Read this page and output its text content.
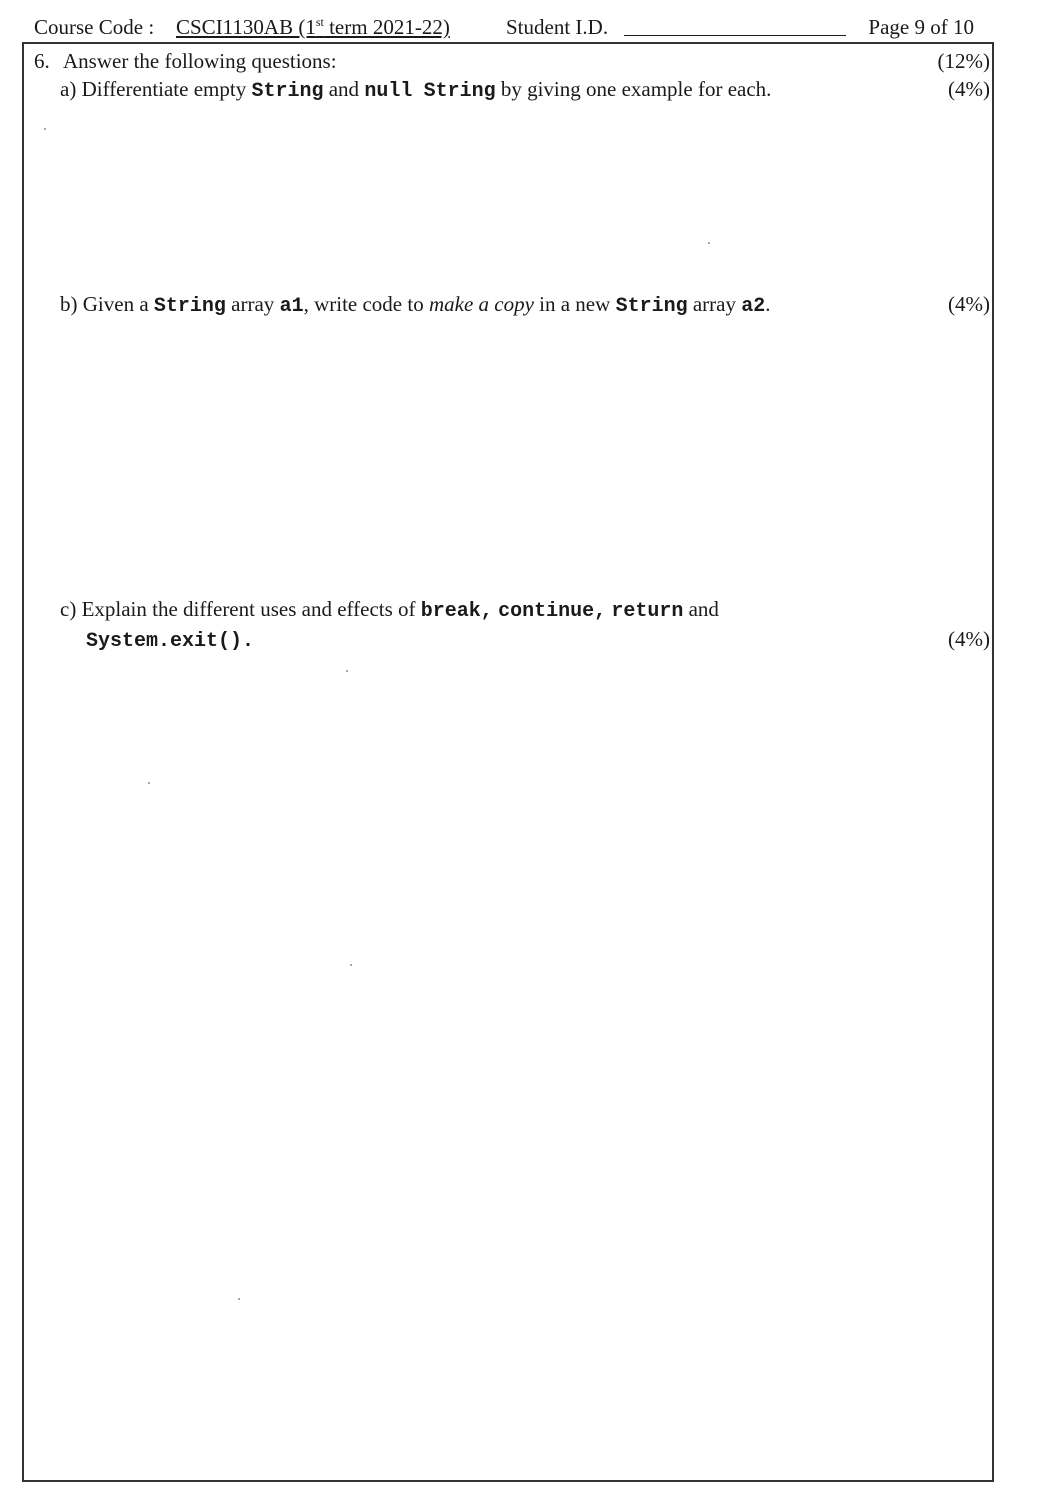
Course Code : CSCI1130AB (1st term 2021-22)	Student I.D.	Page 9 of 10
6. Answer the following questions:	(12%)
a) Differentiate empty String and null String by giving one example for each.	(4%)
b) Given a String array a1, write code to make a copy in a new String array a2.	(4%)
c) Explain the different uses and effects of break, continue, return and
System.exit().	(4%)
